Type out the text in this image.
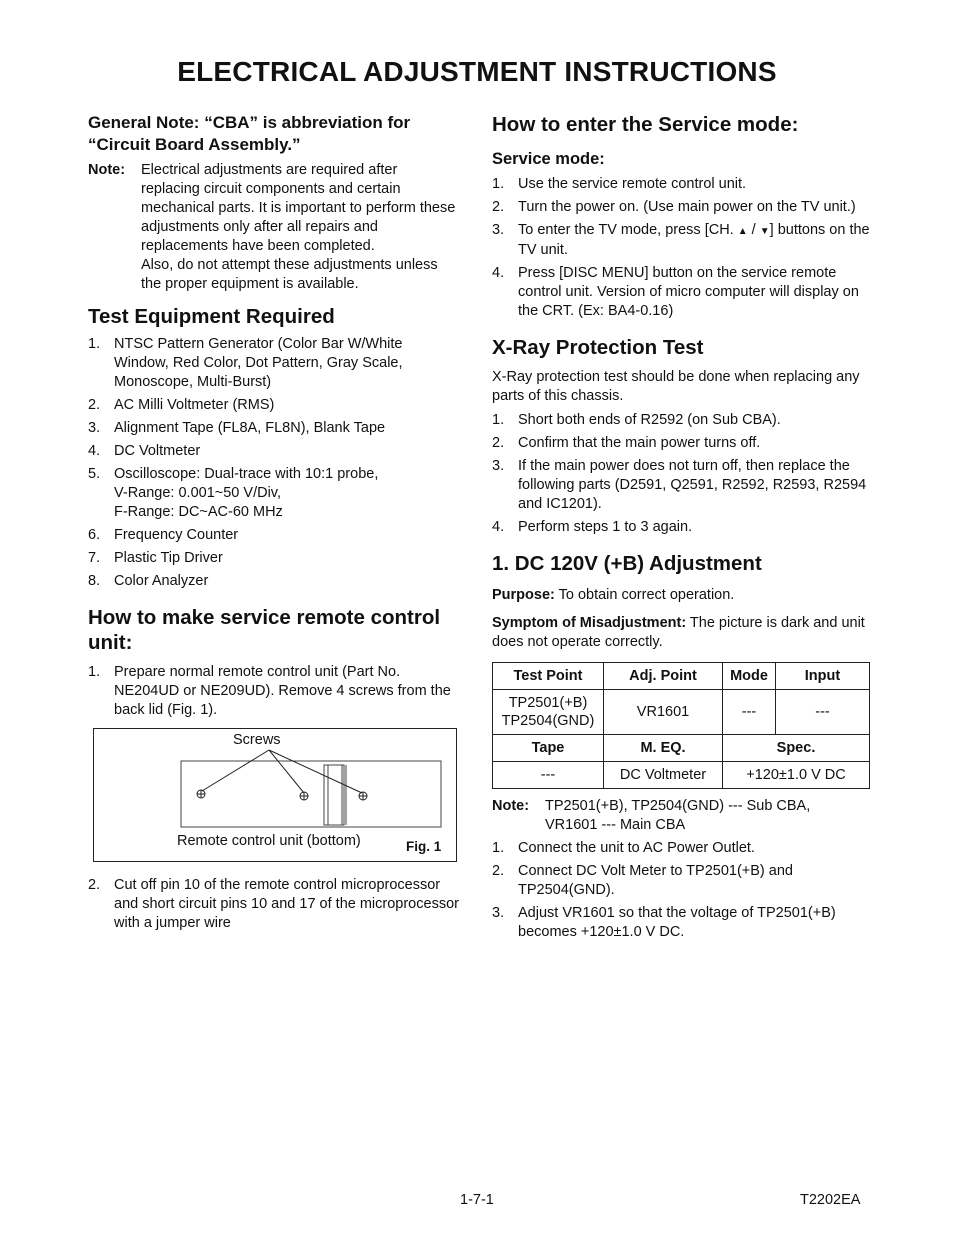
ELECTRICAL ADJUSTMENT INSTRUCTIONS

General Note: “CBA” is abbreviation for “Circuit Board Assembly.”

Note:	Electrical adjustments are required after replacing circuit components and certain mechanical parts. It is important to perform these adjustments only after all repairs and replacements have been completed.

Also, do not attempt these adjustments unless the proper equipment is available.

Test Equipment Required
1. NTSC Pattern Generator (Color Bar W/White Window, Red Color, Dot Pattern, Gray Scale, Monoscope, Multi-Burst)
2. AC Milli Voltmeter (RMS)
3. Alignment Tape (FL8A, FL8N), Blank Tape
4. DC Voltmeter
5. Oscilloscope: Dual-trace with 10:1 probe,
V-Range: 0.001~50 V/Div,
F-Range: DC~AC-60 MHz
6. Frequency Counter
7. Plastic Tip Driver
8. Color Analyzer
How to make service remote control unit:
1. Prepare normal remote control unit (Part No. NE204UD or NE209UD). Remove 4 screws from the back lid (Fig. 1).
Screws
Remote control unit (bottom)	Fig. 1
2. Cut off pin 10 of the remote control microprocessor and short circuit pins 10 and 17 of the microprocessor with a jumper wire
How to enter the Service mode:
Service mode:
1. Use the service remote control unit.
2. Turn the power on. (Use main power on the TV unit.)
3. To enter the TV mode, press [CH. ▲ / ▼] buttons on the TV unit.
4. Press [DISC MENU] button on the service remote control unit. Version of micro computer will display on the CRT. (Ex: BA4-0.16)
X-Ray Protection Test

X-Ray protection test should be done when replacing any parts of this chassis.

1. Short both ends of R2592 (on Sub CBA).
2. Confirm that the main power turns off.
3. If the main power does not turn off, then replace the following parts (D2591, Q2591, R2592, R2593, R2594 and IC1201).
4. Perform steps 1 to 3 again.
1. DC 120V (+B) Adjustment

Purpose: To obtain correct operation.

Symptom of Misadjustment: The picture is dark and unit does not operate correctly.

Test Point	Adj. Point	Mode	Input

TP2501(+B)
TP2504(GND)	VR1601	---	---
Tape	M. EQ.	Spec.	
---	DC Voltmeter	+120±1.0 V DC	
Note:	TP2501(+B), TP2504(GND) --- Sub CBA,
VR1601 --- Main CBA
1. Connect the unit to AC Power Outlet.
2. Connect DC Volt Meter to TP2501(+B) and TP2504(GND).
3. Adjust VR1601 so that the voltage of TP2501(+B) becomes +120±1.0 V DC.
1-7-1	T2202EA
